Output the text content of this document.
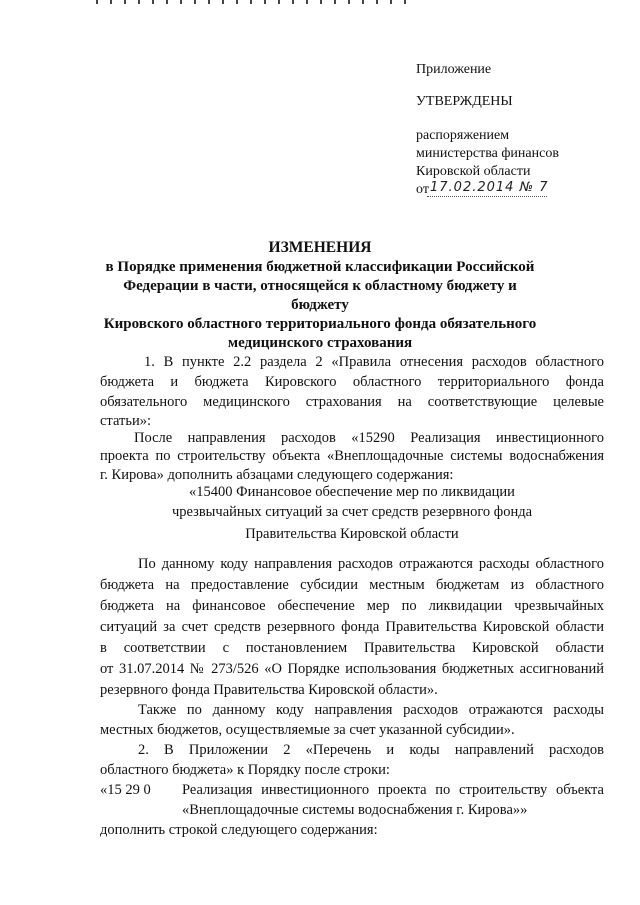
Приложение
УТВЕРЖДЕНЫ
распоряжением
министерства финансов
Кировской области
от 17.02.2014 № 7
ИЗМЕНЕНИЯ
в Порядке применения бюджетной классификации Российской
Федерации в части, относящейся к областному бюджету и бюджету
Кировского областного территориального фонда обязательного
медицинского страхования
1. В пункте 2.2 раздела 2 «Правила отнесения расходов областного
бюджета и бюджета Кировского областного территориального фонда
обязательного медицинского страхования на соответствующие целевые
статьи»:
После направления расходов «15290 Реализация инвестиционного
проекта по строительству объекта «Внеплощадочные системы водоснабжения
г. Кирова» дополнить абзацами следующего содержания:
«15400 Финансовое обеспечение мер по ликвидации
чрезвычайных ситуаций за счет средств резервного фонда
Правительства Кировской области
По данному коду направления расходов отражаются расходы областного
бюджета на предоставление субсидии местным бюджетам из областного
бюджета на финансовое обеспечение мер по ликвидации чрезвычайных
ситуаций за счет средств резервного фонда Правительства Кировской области
в соответствии с постановлением Правительства Кировской области
от 31.07.2014 № 273/526 «О Порядке использования бюджетных ассигнований
резервного фонда Правительства Кировской области».
Также по данному коду направления расходов отражаются расходы
местных бюджетов, осуществляемые за счет указанной субсидии».
2. В Приложении 2 «Перечень и коды направлений расходов
областного бюджета» к Порядку после строки:
«15 29 0 Реализация инвестиционного проекта по строительству объекта
«Внеплощадочные системы водоснабжения г. Кирова»»
дополнить строкой следующего содержания:
